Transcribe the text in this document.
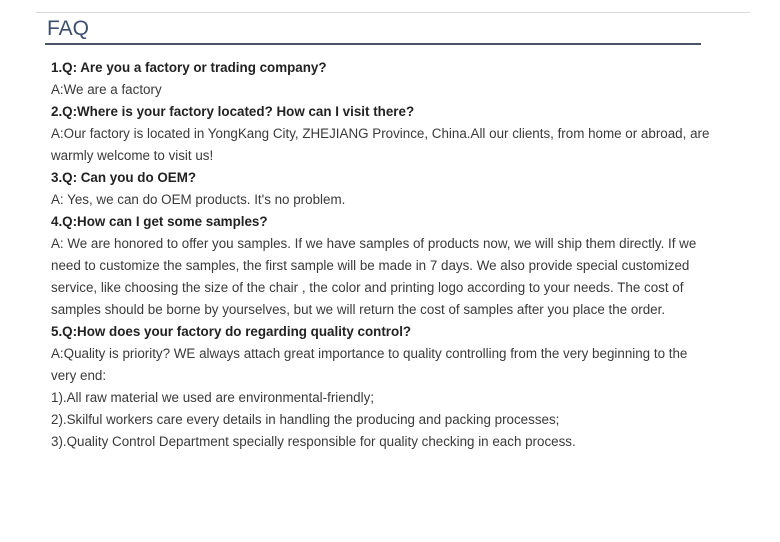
FAQ

1.Q: Are you a factory or trading company?

A:We are a factory

2.Q:Where is your factory located? How can I visit there?

A:Our factory is located in YongKang City, ZHEJIANG Province, China.All our clients, from home or abroad, are warmly welcome to visit us!

3.Q: Can you do OEM?

A: Yes, we can do OEM products. It's no problem.

4.Q:How can I get some samples?

A: We are honored to offer you samples. If we have samples of products now, we will ship them directly. If we need to customize the samples, the first sample will be made in 7 days. We also provide special customized service, like choosing the size of the chair , the color and printing logo according to your needs. The cost of samples should be borne by yourselves, but we will return the cost of samples after you place the order.

5.Q:How does your factory do regarding quality control?

A:Quality is priority? WE always attach great importance to quality controlling from the very beginning to the very end:

1).All raw material we used are environmental-friendly;

2).Skilful workers care every details in handling the producing and packing processes;

3).Quality Control Department specially responsible for quality checking in each process.
